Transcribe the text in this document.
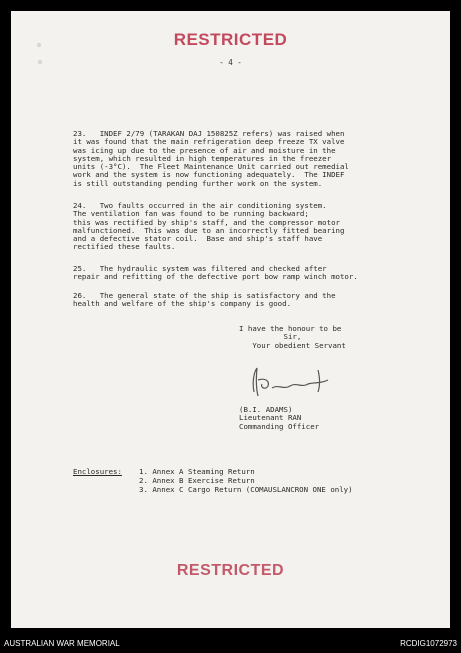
RESTRICTED
- 4 -

23.   INDEF 2/79 (TARAKAN DAJ 150825Z refers) was raised when
it was found that the main refrigeration deep freeze TX valve
was icing up due to the presence of air and moisture in the
system, which resulted in high temperatures in the freezer
units (-3°C).  The Fleet Maintenance Unit carried out remedial
work and the system is now functioning adequately.  The INDEF
is still outstanding pending further work on the system.

24.   Two faults occurred in the air conditioning system.
The ventilation fan was found to be running backward;
this was rectified by ship's staff, and the compressor motor
malfunctioned.  This was due to an incorrectly fitted bearing
and a defective stator coil.  Base and ship's staff have
rectified these faults.

25.   The hydraulic system was filtered and checked after
repair and refitting of the defective port bow ramp winch motor.

26.   The general state of the ship is satisfactory and the
health and welfare of the ship's company is good.

I have the honour to be
Sir,
Your obedient Servant

(B.I. ADAMS)
Lieutenant RAN
Commanding Officer

Enclosures: 1. Annex A Steaming Return
2. Annex B Exercise Return
3. Annex C Cargo Return (COMAUSLANCRON ONE only)

RESTRICTED
AUSTRALIAN WAR MEMORIAL	RCDIG1072973
